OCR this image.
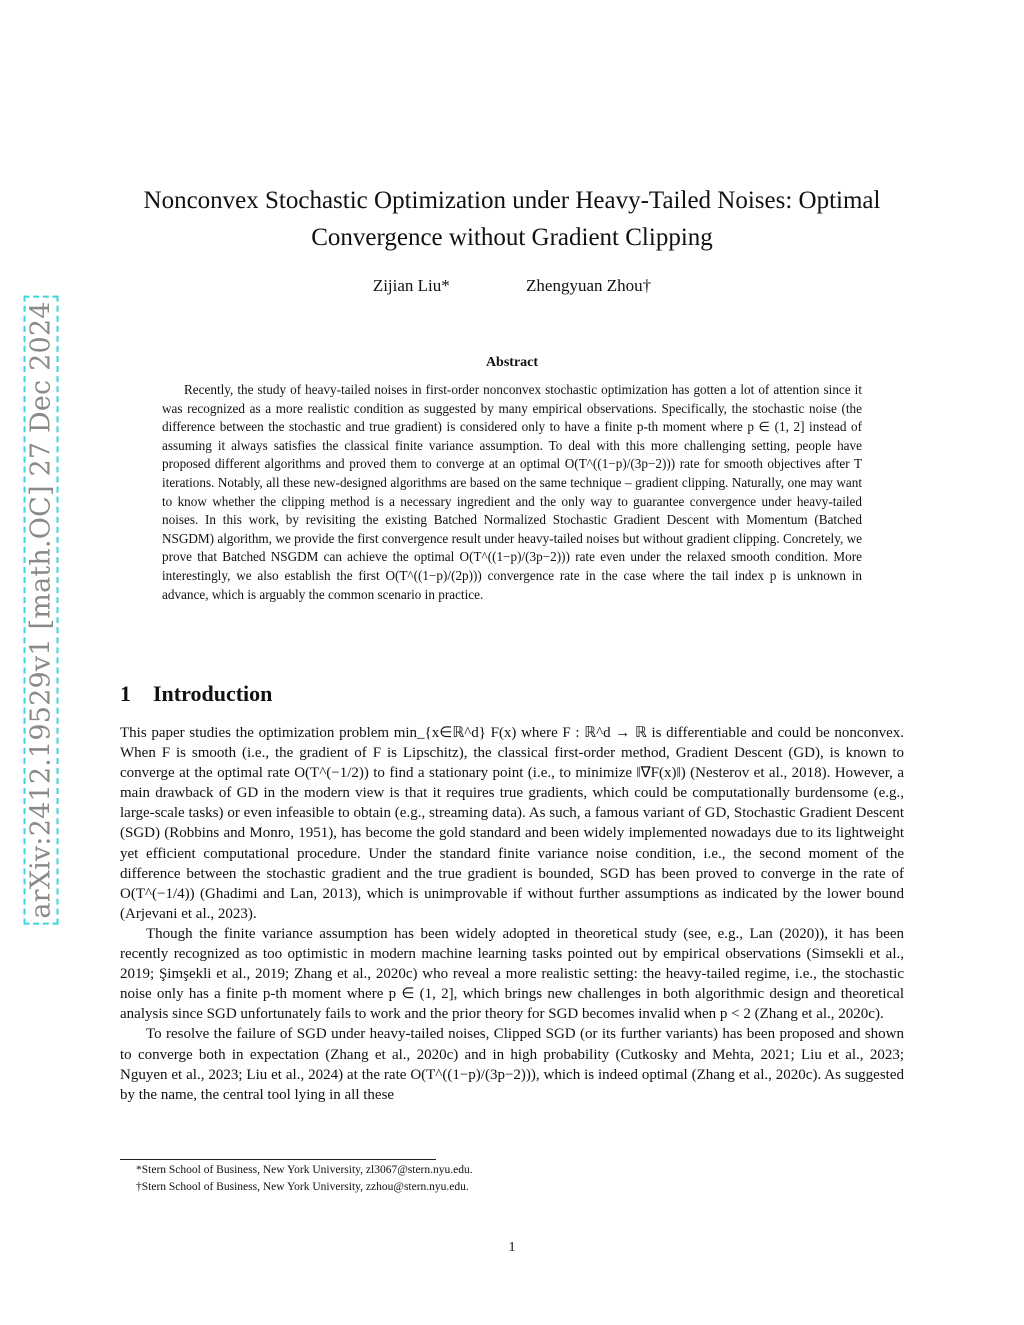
arXiv:2412.19529v1 [math.OC] 27 Dec 2024
Nonconvex Stochastic Optimization under Heavy-Tailed Noises: Optimal Convergence without Gradient Clipping
Zijian Liu*	Zhengyuan Zhou†
Abstract
Recently, the study of heavy-tailed noises in first-order nonconvex stochastic optimization has gotten a lot of attention since it was recognized as a more realistic condition as suggested by many empirical observations. Specifically, the stochastic noise (the difference between the stochastic and true gradient) is considered only to have a finite p-th moment where p ∈ (1, 2] instead of assuming it always satisfies the classical finite variance assumption. To deal with this more challenging setting, people have proposed different algorithms and proved them to converge at an optimal O(T^((1−p)/(3p−2))) rate for smooth objectives after T iterations. Notably, all these new-designed algorithms are based on the same technique – gradient clipping. Naturally, one may want to know whether the clipping method is a necessary ingredient and the only way to guarantee convergence under heavy-tailed noises. In this work, by revisiting the existing Batched Normalized Stochastic Gradient Descent with Momentum (Batched NSGDM) algorithm, we provide the first convergence result under heavy-tailed noises but without gradient clipping. Concretely, we prove that Batched NSGDM can achieve the optimal O(T^((1−p)/(3p−2))) rate even under the relaxed smooth condition. More interestingly, we also establish the first O(T^((1−p)/(2p))) convergence rate in the case where the tail index p is unknown in advance, which is arguably the common scenario in practice.
1 Introduction

This paper studies the optimization problem min_{x∈ℝ^d} F(x) where F : ℝ^d → ℝ is differentiable and could be nonconvex. When F is smooth (i.e., the gradient of F is Lipschitz), the classical first-order method, Gradient Descent (GD), is known to converge at the optimal rate O(T^(−1/2)) to find a stationary point (i.e., to minimize ‖∇F(x)‖) (Nesterov et al., 2018). However, a main drawback of GD in the modern view is that it requires true gradients, which could be computationally burdensome (e.g., large-scale tasks) or even infeasible to obtain (e.g., streaming data). As such, a famous variant of GD, Stochastic Gradient Descent (SGD) (Robbins and Monro, 1951), has become the gold standard and been widely implemented nowadays due to its lightweight yet efficient computational procedure. Under the standard finite variance noise condition, i.e., the second moment of the difference between the stochastic gradient and the true gradient is bounded, SGD has been proved to converge in the rate of O(T^(−1/4)) (Ghadimi and Lan, 2013), which is unimprovable if without further assumptions as indicated by the lower bound (Arjevani et al., 2023).

Though the finite variance assumption has been widely adopted in theoretical study (see, e.g., Lan (2020)), it has been recently recognized as too optimistic in modern machine learning tasks pointed out by empirical observations (Simsekli et al., 2019; Şimşekli et al., 2019; Zhang et al., 2020c) who reveal a more realistic setting: the heavy-tailed regime, i.e., the stochastic noise only has a finite p-th moment where p ∈ (1, 2], which brings new challenges in both algorithmic design and theoretical analysis since SGD unfortunately fails to work and the prior theory for SGD becomes invalid when p < 2 (Zhang et al., 2020c).

To resolve the failure of SGD under heavy-tailed noises, Clipped SGD (or its further variants) has been proposed and shown to converge both in expectation (Zhang et al., 2020c) and in high probability (Cutkosky and Mehta, 2021; Liu et al., 2023; Nguyen et al., 2023; Liu et al., 2024) at the rate O(T^((1−p)/(3p−2))), which is indeed optimal (Zhang et al., 2020c). As suggested by the name, the central tool lying in all these

*Stern School of Business, New York University, zl3067@stern.nyu.edu.
†Stern School of Business, New York University, zzhou@stern.nyu.edu.
1
